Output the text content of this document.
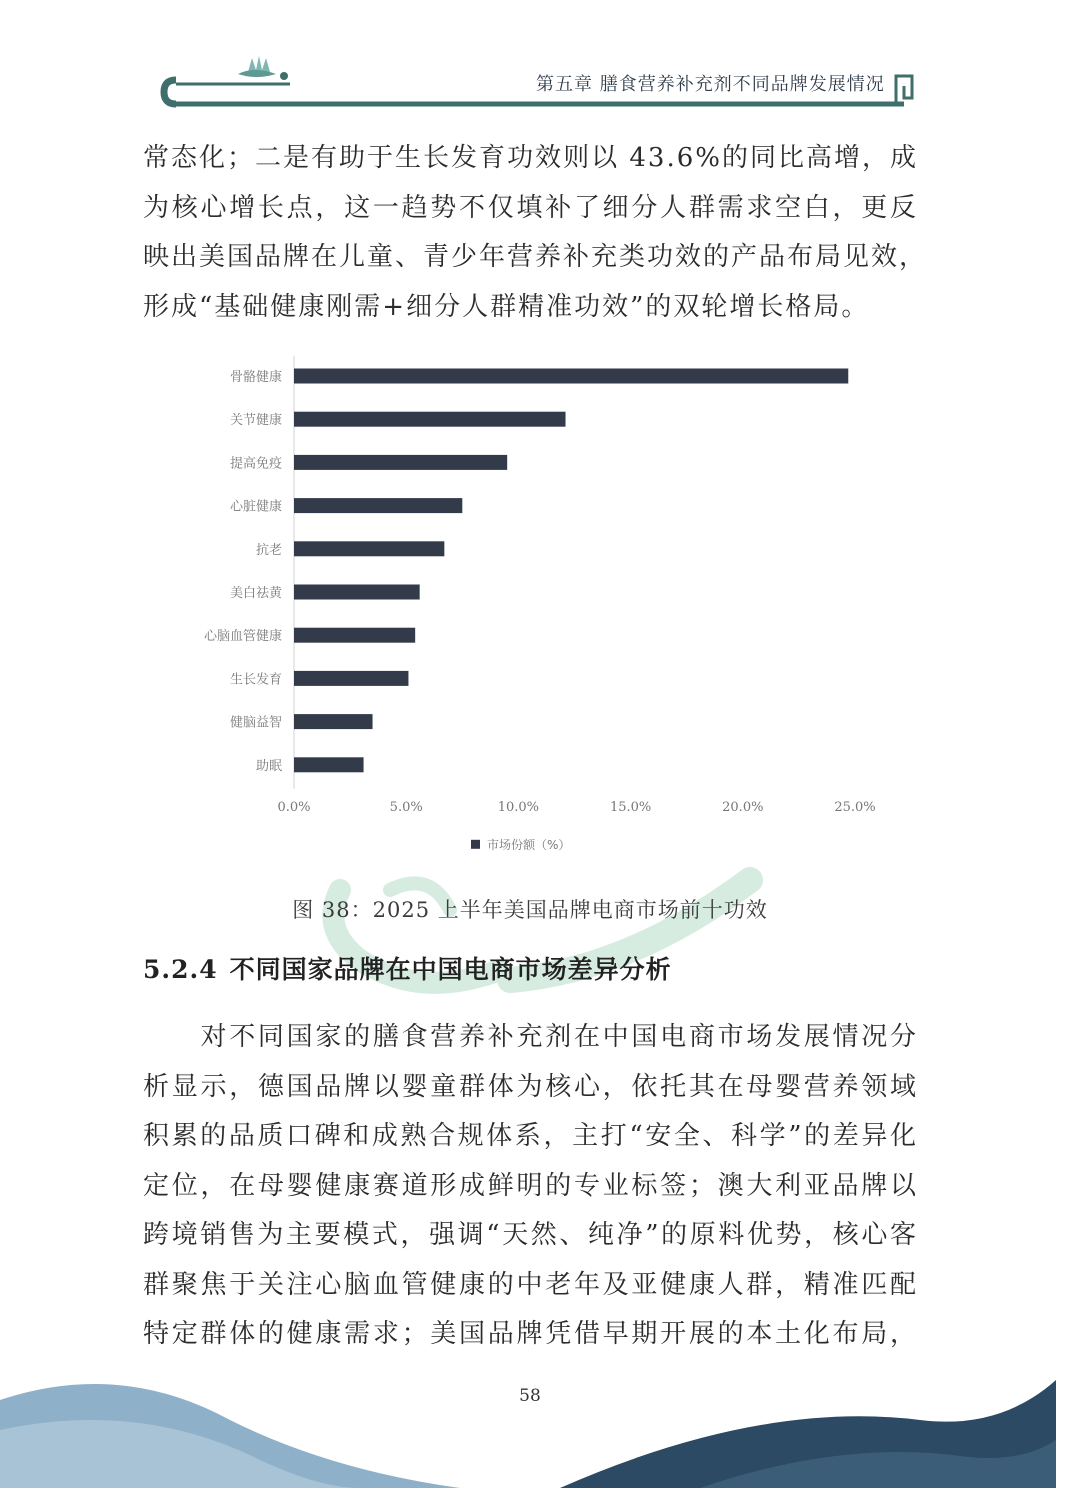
第五章 膳食营养补充剂不同品牌发展情况
常态化；二是有助于生长发育功效则以 43.6%的同比高增，成
为核心增长点，这一趋势不仅填补了细分人群需求空白，更反
映出美国品牌在儿童、青少年营养补充类功效的产品布局见效，
形成“基础健康刚需+细分人群精准功效”的双轮增长格局。
骨骼健康
关节健康
提高免疫
心脏健康
抗老
美白祛黄
心脑血管健康
生长发育
健脑益智
助眠
0.0%	5.0%	10.0%	15.0%	20.0%	25.0%
市场份额（%）
图 38：2025 上半年美国品牌电商市场前十功效
5.2.4 不同国家品牌在中国电商市场差异分析
　　对不同国家的膳食营养补充剂在中国电商市场发展情况分
析显示，德国品牌以婴童群体为核心，依托其在母婴营养领域
积累的品质口碑和成熟合规体系，主打“安全、科学”的差异化
定位，在母婴健康赛道形成鲜明的专业标签；澳大利亚品牌以
跨境销售为主要模式，强调“天然、纯净”的原料优势，核心客
群聚焦于关注心脑血管健康的中老年及亚健康人群，精准匹配
特定群体的健康需求；美国品牌凭借早期开展的本土化布局，
58
